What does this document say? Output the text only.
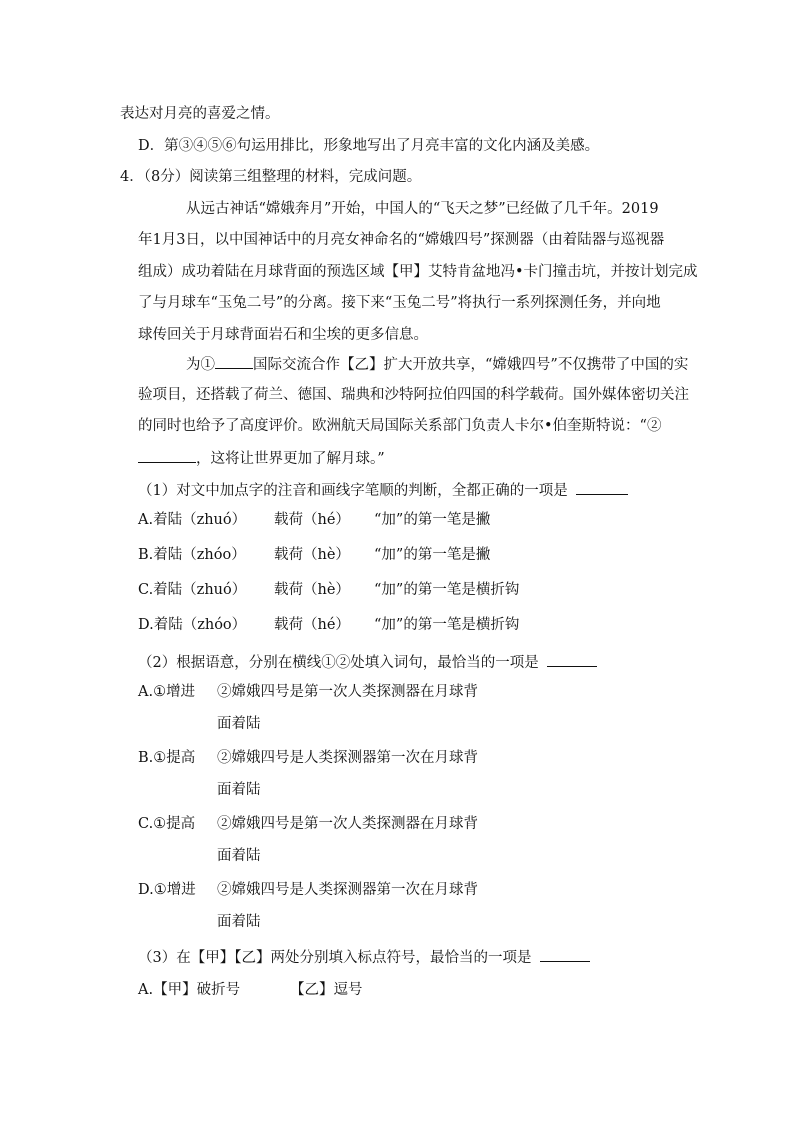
表达对月亮的喜爱之情。
D．第③④⑤⑥句运用排比，形象地写出了月亮丰富的文化内涵及美感。
4．（8分）阅读第三组整理的材料，完成问题。
从远古神话“嫦娥奔月”开始，中国人的“飞天之梦”已经做了几千年。2019
年1月3日，以中国神话中的月亮女神命名的“嫦娥四号”探测器（由着陆器与巡视器
组成）成功着陆在月球背面的预选区域【甲】艾特肯盆地冯•卡门撞击坑，并按计划完成
了与月球车“玉兔二号”的分离。接下来“玉兔二号”将执行一系列探测任务，并向地
球传回关于月球背面岩石和尘埃的更多信息。
为①	国际交流合作【乙】扩大开放共享，“嫦娥四号”不仅携带了中国的实
验项目，还搭载了荷兰、德国、瑞典和沙特阿拉伯四国的科学载荷。国外媒体密切关注
的同时也给予了高度评价。欧洲航天局国际关系部门负责人卡尔•伯奎斯特说：“②
，这将让世界更加了解月球。”
（1）对文中加点字的注音和画线字笔顺的判断，全都正确的一项是
A.着陆（zhuó） 载荷（hé） “加”的第一笔是撇
B.着陆（zhóo） 载荷（hè） “加”的第一笔是撇
C.着陆（zhuó） 载荷（hè） “加”的第一笔是横折钩
D.着陆（zhóo） 载荷（hé） “加”的第一笔是横折钩
（2）根据语意，分别在横线①②处填入词句，最恰当的一项是
A.①增进 ②嫦娥四号是第一次人类探测器在月球背
面着陆
B.①提高 ②嫦娥四号是人类探测器第一次在月球背
面着陆
C.①提高 ②嫦娥四号是第一次人类探测器在月球背
面着陆
D.①增进 ②嫦娥四号是人类探测器第一次在月球背
面着陆
（3）在【甲】【乙】两处分别填入标点符号，最恰当的一项是
A.【甲】破折号	【乙】逗号
